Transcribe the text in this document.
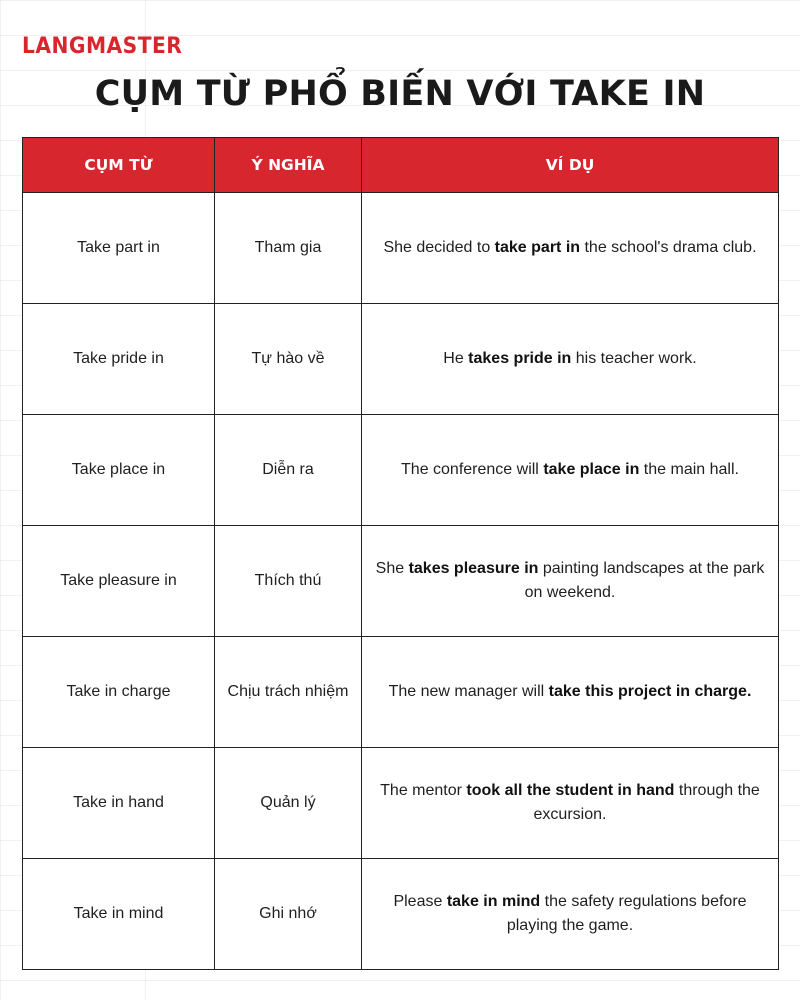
LANGMASTER
CỤM TỪ PHỔ BIẾN VỚI TAKE IN
CỤM TỪ	Ý NGHĨA	VÍ DỤ
Take part in	Tham gia	She decided to take part in the school's drama club.
Take pride in	Tự hào về	He takes pride in his teacher work.
Take place in	Diễn ra	The conference will take place in the main hall.
Take pleasure in	Thích thú	She takes pleasure in painting landscapes at the park on weekend.
Take in charge	Chịu trách nhiệm	The new manager will take this project in charge.
Take in hand	Quản lý	The mentor took all the student in hand through the excursion.
Take in mind	Ghi nhớ	Please take in mind the safety regulations before playing the game.
